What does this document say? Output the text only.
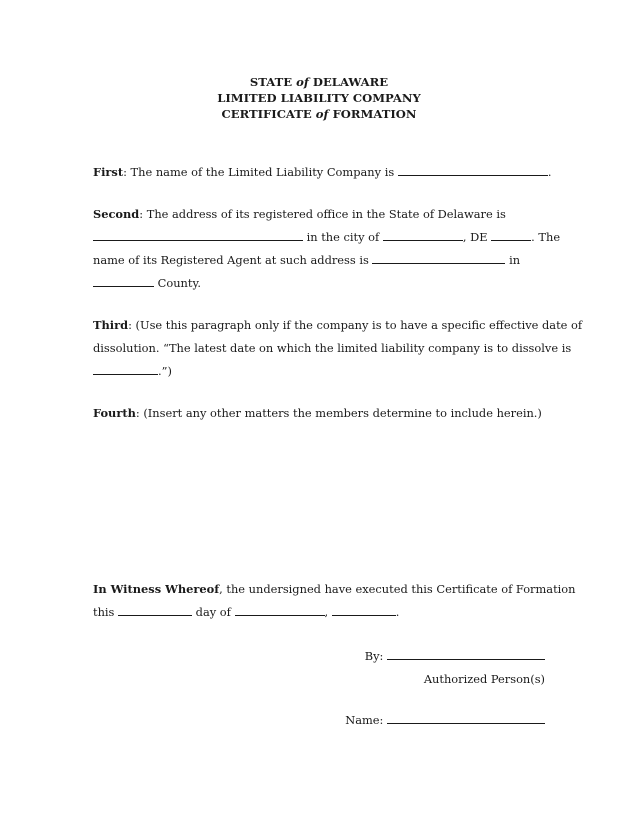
STATE of DELAWARE
LIMITED LIABILITY COMPANY
CERTIFICATE of FORMATION
First: The name of the Limited Liability Company is	.
Second: The address of its registered office in the State of Delaware is
in the city of	, DE	. The
name of its Registered Agent at such address is	in
County.
Third: (Use this paragraph only if the company is to have a specific effective date of
dissolution. “The latest date on which the limited liability company is to dissolve is
.”)
Fourth: (Insert any other matters the members determine to include herein.)
In Witness Whereof, the undersigned have executed this Certificate of Formation
this	day of	,	.
By:
Authorized Person(s)
Name:
